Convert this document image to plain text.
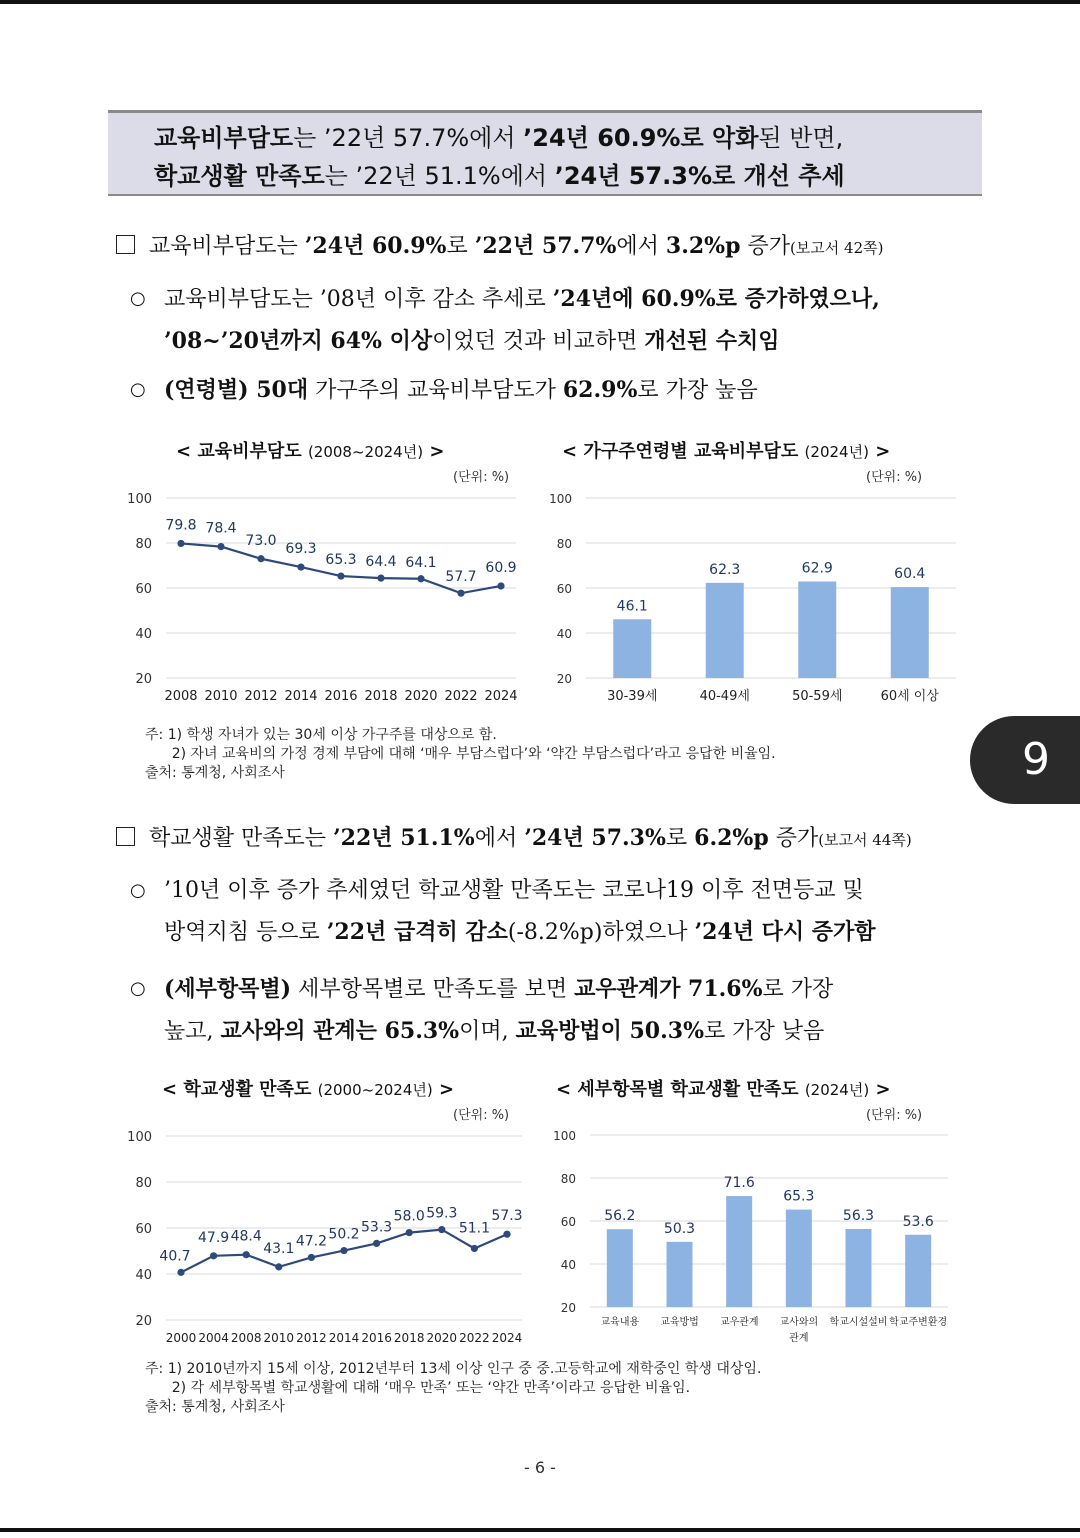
교육비부담도는 ’22년 57.7%에서 ’24년 60.9%로 악화된 반면,
학교생활 만족도는 ’22년 51.1%에서 ’24년 57.3%로 개선 추세
교육비부담도는 ’24년 60.9%로 ’22년 57.7%에서 3.2%p 증가(보고서 42쪽)
○ 교육비부담도는 ’08년 이후 감소 추세로 ’24년에 60.9%로 증가하였으나,
’08~’20년까지 64% 이상이었던 것과 비교하면 개선된 수치임
○ (연령별) 50대 가구주의 교육비부담도가 62.9%로 가장 높음
< 교육비부담도 (2008~2024년) >
(단위: %)
< 가구주연령별 교육비부담도 (2024년) >
(단위: %)
20
40
60
80
100
79.8 78.4
73.0
69.3
65.3 64.4 64.1
57.7
60.9
2008 2010 2012 2014 2016 2018 2020 2022 2024
20
40
60
80
100
46.1
30-39세
62.3
40-49세
62.9
50-59세
60.4
60세 이상
주: 1) 학생 자녀가 있는 30세 이상 가구주를 대상으로 함.
2) 자녀 교육비의 가정 경제 부담에 대해 ‘매우 부담스럽다’와 ‘약간 부담스럽다’라고 응답한 비율임.
출처: 통계청, 사회조사	9
학교생활 만족도는 ’22년 51.1%에서 ’24년 57.3%로 6.2%p 증가(보고서 44쪽)
○ ’10년 이후 증가 추세였던 학교생활 만족도는 코로나19 이후 전면등교 및
방역지침 등으로 ’22년 급격히 감소(-8.2%p)하였으나 ’24년 다시 증가함
○ (세부항목별) 세부항목별로 만족도를 보면 교우관계가 71.6%로 가장
높고, 교사와의 관계는 65.3%이며, 교육방법이 50.3%로 가장 낮음
< 학교생활 만족도 (2000~2024년) >
(단위: %)
< 세부항목별 학교생활 만족도 (2024년) >
(단위: %)
20
40
60
80
100
40.7
47.9 48.4
43.1 47.2 50.2 53.3
58.0 59.3
51.1
57.3
2000 2004 2008 2010 2012 2014 2016 2018 2020 2022 2024
20
40
60
80
100
56.2
교육내용
50.3
교육방법
71.6
교우관계
65.3
교사와의
관계
56.3
학교시설설비
53.6
학교주변환경
주: 1) 2010년까지 15세 이상, 2012년부터 13세 이상 인구 중 중.고등학교에 재학중인 학생 대상임.
2) 각 세부항목별 학교생활에 대해 ‘매우 만족’ 또는 ‘약간 만족’이라고 응답한 비율임.
출처: 통계청, 사회조사
- 6 -
